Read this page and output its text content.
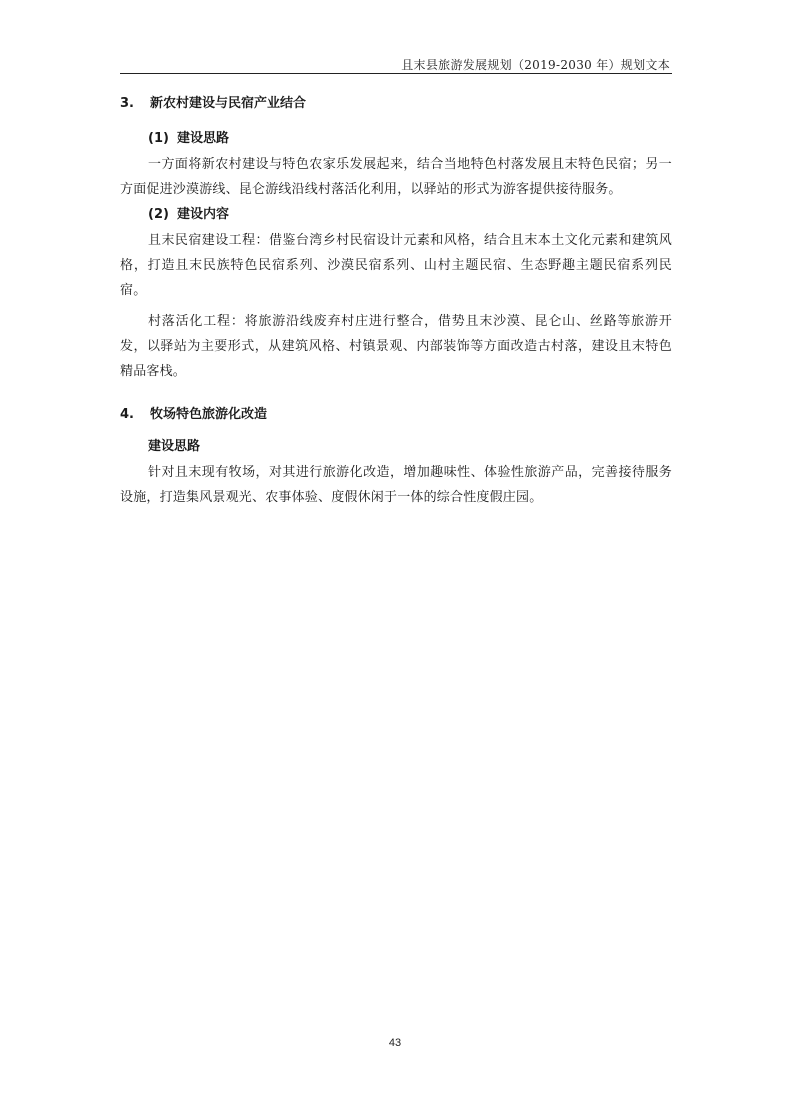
且末县旅游发展规划（2019-2030 年）规划文本
3.	新农村建设与民宿产业结合
(1) 建设思路

一方面将新农村建设与特色农家乐发展起来，结合当地特色村落发展且末特色民宿；另一方面促进沙漠游线、昆仑游线沿线村落活化利用，以驿站的形式为游客提供接待服务。

(2) 建设内容

且末民宿建设工程：借鉴台湾乡村民宿设计元素和风格，结合且末本土文化元素和建筑风格，打造且末民族特色民宿系列、沙漠民宿系列、山村主题民宿、生态野趣主题民宿系列民宿。

村落活化工程：将旅游沿线废弃村庄进行整合，借势且末沙漠、昆仑山、丝路等旅游开发，以驿站为主要形式，从建筑风格、村镇景观、内部装饰等方面改造古村落，建设且末特色精品客栈。

4.	牧场特色旅游化改造
建设思路

针对且末现有牧场，对其进行旅游化改造，增加趣味性、体验性旅游产品，完善接待服务设施，打造集风景观光、农事体验、度假休闲于一体的综合性度假庄园。

43
